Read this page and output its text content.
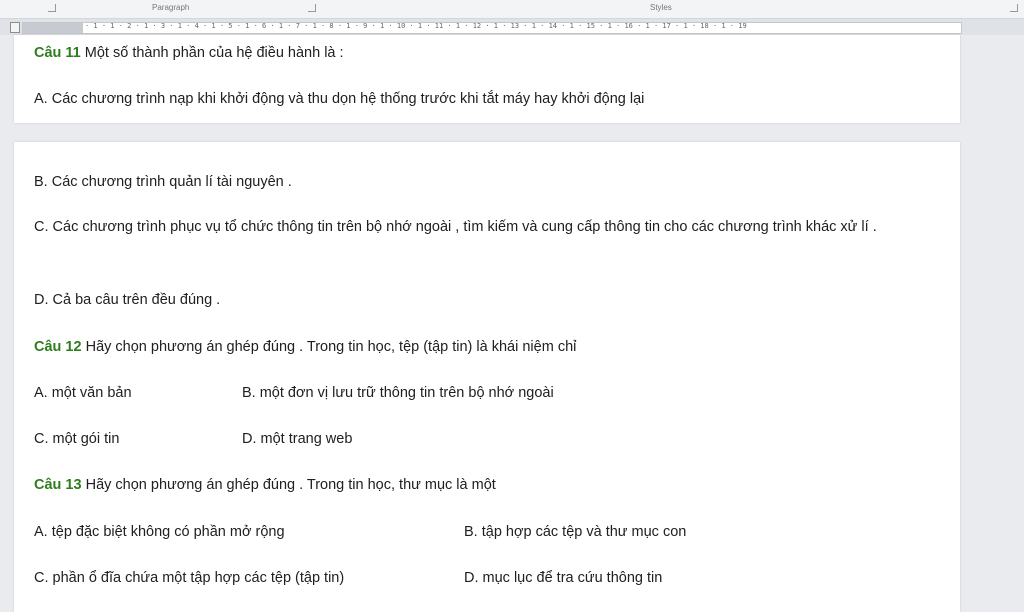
Paragraph	Styles
· 1 · 1 · 2 · 1 · 3 · 1 · 4 · 1 · 5 · 1 · 6 · 1 · 7 · 1 · 8 · 1 · 9 · 1 · 10 · 1 · 11 · 1 · 12 · 1 · 13 · 1 · 14 · 1 · 15 · 1 · 16 · 1 · 17 · 1 · 18 · 1 · 19
Câu 11 Một số thành phần của hệ điều hành là :
A. Các chương trình nạp khi khởi động và thu dọn hệ thống trước khi tắt máy hay khởi động lại
B. Các chương trình quản lí tài nguyên .
C. Các chương trình phục vụ tổ chức thông tin trên bộ nhớ ngoài , tìm kiếm và cung cấp thông tin cho các chương trình khác xử lí .
D. Cả ba câu trên đều đúng .
Câu 12 Hãy chọn phương án ghép đúng . Trong tin học, tệp (tập tin) là khái niệm chỉ
A. một văn bản	B. một đơn vị lưu trữ thông tin trên bộ nhớ ngoài
C. một gói tin	D. một trang web
Câu 13 Hãy chọn phương án ghép đúng . Trong tin học, thư mục là một
A. tệp đặc biệt không có phần mở rộng	B. tập hợp các tệp và thư mục con
C. phần ổ đĩa chứa một tập hợp các tệp (tập tin)	D. mục lục để tra cứu thông tin
